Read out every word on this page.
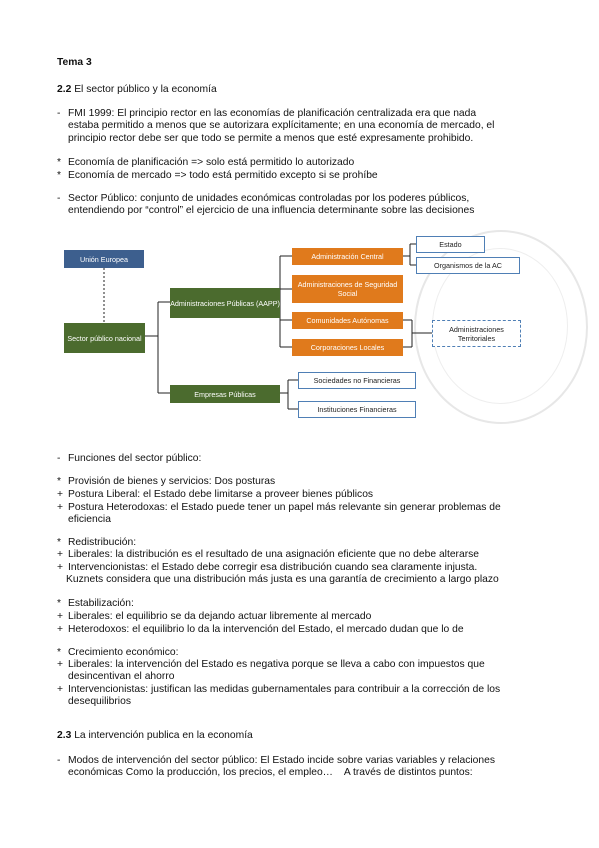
Tema 3
2.2 El sector público y la economía
- FMI 1999: El principio rector en las economías de planificación centralizada era que nada
estaba permitido a menos que se autorizara explícitamente; en una economía de mercado, el
principio rector debe ser que todo se permite a menos que esté expresamente prohibido.
* Economía de planificación => solo está permitido lo autorizado
* Economía de mercado => todo está permitido excepto si se prohíbe
- Sector Público: conjunto de unidades económicas controladas por los poderes públicos,
entendiendo por “control” el ejercicio de una influencia determinante sobre las decisiones
Unión Europea
Sector público nacional
Administraciones Públicas (AAPP)
Empresas Públicas
Administración Central
Administraciones de Seguridad Social
Comunidades Autónomas
Corporaciones Locales
Estado
Organismos de la AC
Administraciones Territoriales
Sociedades no Financieras
Instituciones Financieras
- Funciones del sector público:
* Provisión de bienes y servicios: Dos posturas
+ Postura Liberal: el Estado debe limitarse a proveer bienes públicos
+ Postura Heterodoxas: el Estado puede tener un papel más relevante sin generar problemas de
eficiencia
* Redistribución:
+ Liberales: la distribución es el resultado de una asignación eficiente que no debe alterarse
+ Intervencionistas: el Estado debe corregir esa distribución cuando sea claramente injusta.
Kuznets considera que una distribución más justa es una garantía de crecimiento a largo plazo
* Estabilización:
+ Liberales: el equilibrio se da dejando actuar libremente al mercado
+ Heterodoxos: el equilibrio lo da la intervención del Estado, el mercado dudan que lo de
* Crecimiento económico:
+ Liberales: la intervención del Estado es negativa porque se lleva a cabo con impuestos que
desincentivan el ahorro
+ Intervencionistas: justifican las medidas gubernamentales para contribuir a la corrección de los
desequilibrios
2.3 La intervención publica en la economía
- Modos de intervención del sector público: El Estado incide sobre varias variables y relaciones
económicas Como la producción, los precios, el empleo…    A través de distintos puntos:
